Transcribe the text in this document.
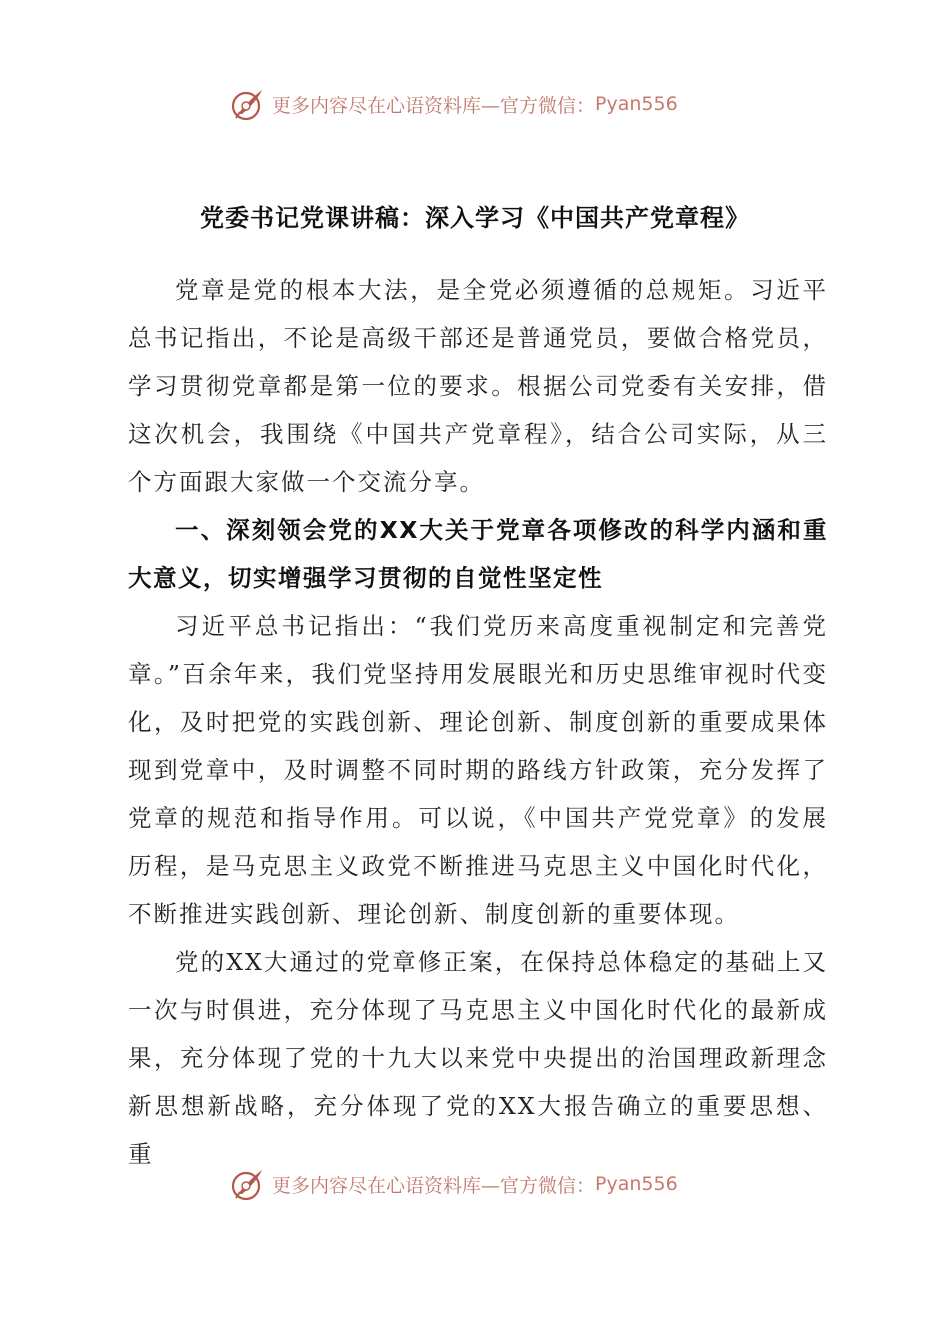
更多内容尽在心语资料库—官方微信： Pyan556
党委书记党课讲稿：深入学习《中国共产党章程》

党章是党的根本大法，是全党必须遵循的总规矩。习近平总书记指出，不论是高级干部还是普通党员，要做合格党员，学习贯彻党章都是第一位的要求。根据公司党委有关安排，借这次机会，我围绕《中国共产党章程》，结合公司实际，从三个方面跟大家做一个交流分享。

一、深刻领会党的XX大关于党章各项修改的科学内涵和重大意义，切实增强学习贯彻的自觉性坚定性

习近平总书记指出：“我们党历来高度重视制定和完善党章。”百余年来，我们党坚持用发展眼光和历史思维审视时代变化，及时把党的实践创新、理论创新、制度创新的重要成果体现到党章中，及时调整不同时期的路线方针政策，充分发挥了党章的规范和指导作用。可以说，《中国共产党党章》的发展历程，是马克思主义政党不断推进马克思主义中国化时代化，不断推进实践创新、理论创新、制度创新的重要体现。

党的XX大通过的党章修正案，在保持总体稳定的基础上又一次与时俱进，充分体现了马克思主义中国化时代化的最新成果，充分体现了党的十九大以来党中央提出的治国理政新理念新思想新战略，充分体现了党的XX大报告确立的重要思想、重

更多内容尽在心语资料库—官方微信： Pyan556
